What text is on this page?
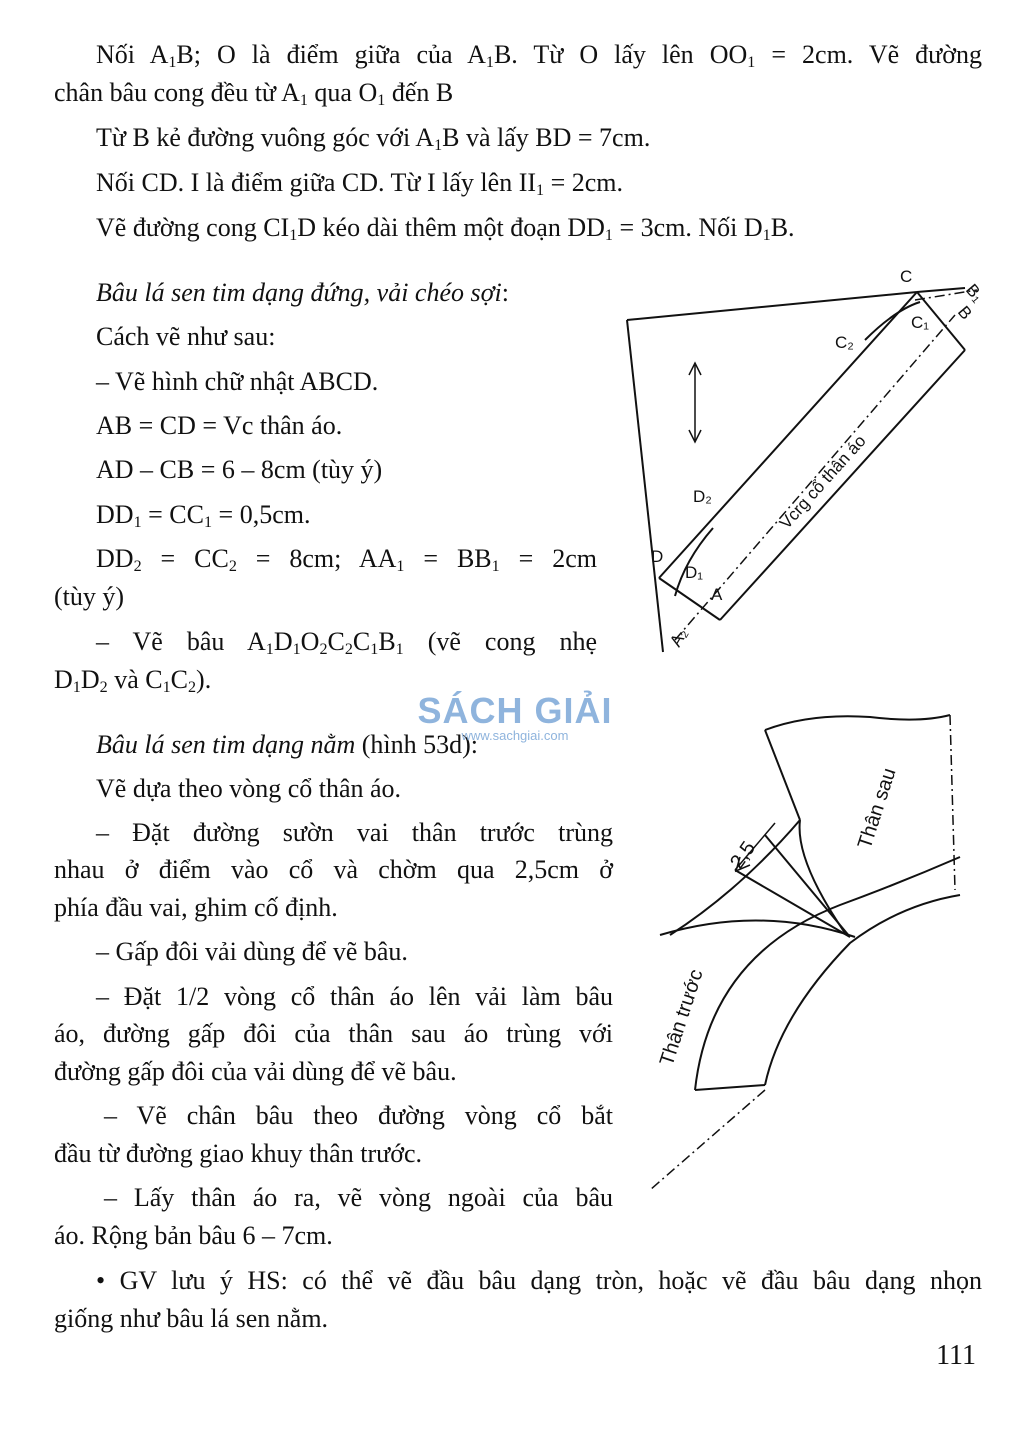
Nối $A_1B$; O là điểm giữa của $A_1B$. Từ O lấy lên $OO_1 = 2cm$. Vẽ đường
chân bâu cong đều từ $A_1$ qua $O_1$ đến B
Từ B kẻ đường vuông góc với $A_1B$ và lấy BD = 7cm.
Nối CD. I là điểm giữa CD. Từ I lấy lên $II_1 = 2cm$.
Vẽ đường cong $CI_1D$ kéo dài thêm một đoạn $DD_1 = 3cm$. Nối $D_1B$.
Bâu lá sen tim dạng đứng, vải chéo sợi:
Cách vẽ như sau:
– Vẽ hình chữ nhật ABCD.
AB = CD = Vc thân áo.
AD – CB = 6 – 8cm (tùy ý)
$DD_1 = CC_1 = 0,5cm$.
$DD_2 = CC_2 = 8cm$; $AA_1 = BB_1 = 2cm$
(tùy ý)
– Vẽ bâu $A_1D_1O_2C_2C_1B_1$ (vẽ cong nhẹ
$D_1D_2$ và $C_1C_2$).
Bâu lá sen tim dạng nằm (hình 53d):
Vẽ dựa theo vòng cổ thân áo.
– Đặt đường sườn vai thân trước trùng
nhau ở điểm vào cổ và chờm qua 2,5cm ở
phía đầu vai, ghim cố định.
– Gấp đôi vải dùng để vẽ bâu.
– Đặt 1/2 vòng cổ thân áo lên vải làm bâu
áo, đường gấp đôi của thân sau áo trùng với
đường gấp đôi của vải dùng để vẽ bâu.
– Vẽ chân bâu theo đường vòng cổ bắt
đầu từ đường giao khuy thân trước.
– Lấy thân áo ra, vẽ vòng ngoài của bâu
áo. Rộng bản bâu 6 – 7cm.
• GV lưu ý HS: có thể vẽ đầu bâu dạng tròn, hoặc vẽ đầu bâu dạng nhọn
giống như bâu lá sen nằm.
111
SÁCH GIẢI
www.sachgiai.com
C
B₁
B
C₁
C₂
D₂
D
D₁
A
A₂
Vcrg cổ thân áo
2,5
Thân sau
Thân trước
